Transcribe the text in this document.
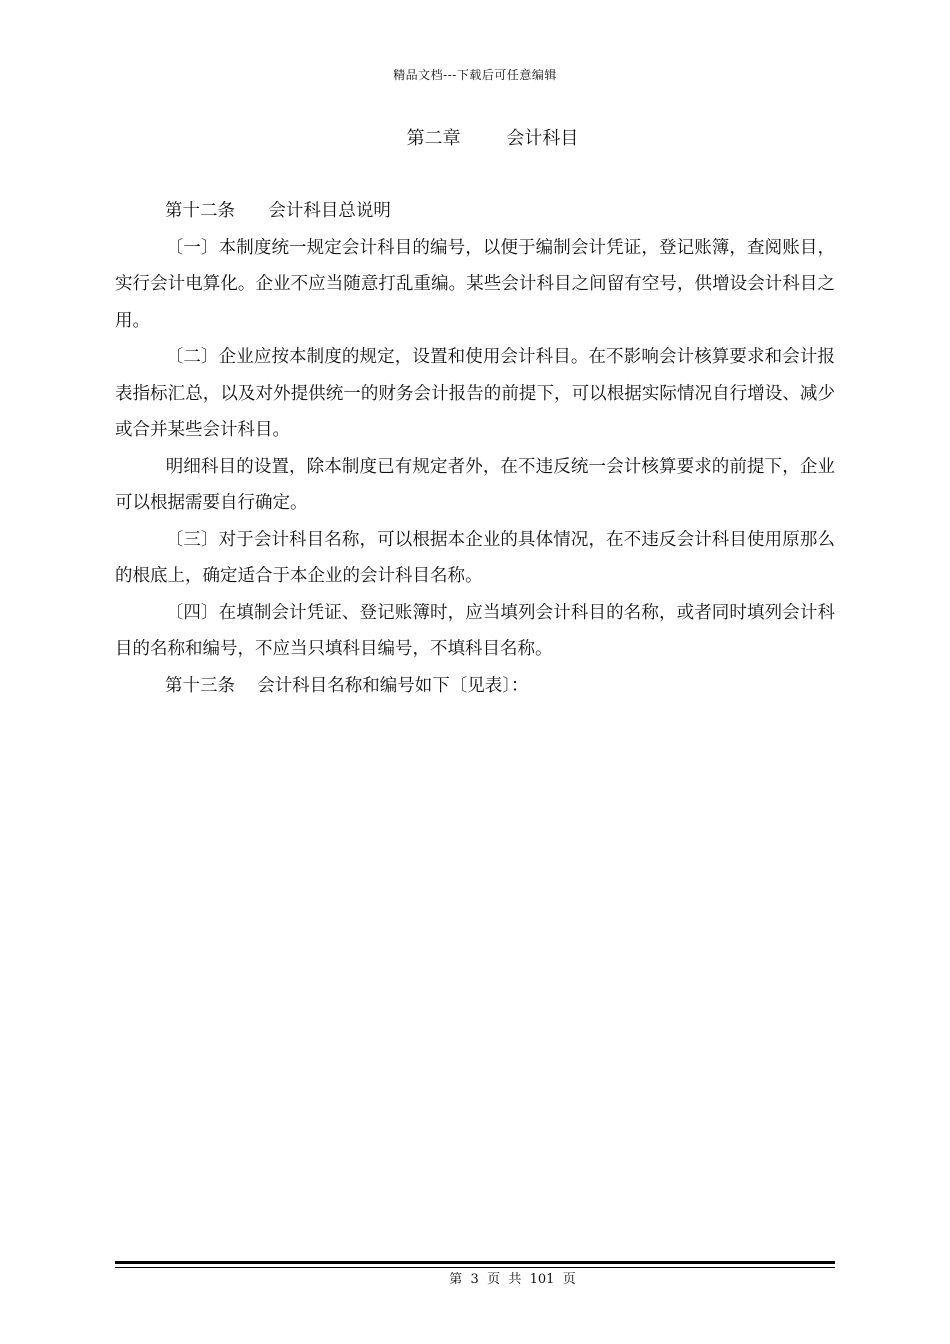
精品文档---下载后可任意编辑
第二章        会计科目

第十二条      会计科目总说明

〔一〕本制度统一规定会计科目的编号，以便于编制会计凭证，登记账簿，查阅账目，实行会计电算化。企业不应当随意打乱重编。某些会计科目之间留有空号，供增设会计科目之用。

〔二〕企业应按本制度的规定，设置和使用会计科目。在不影响会计核算要求和会计报表指标汇总，以及对外提供统一的财务会计报告的前提下，可以根据实际情况自行增设、减少或合并某些会计科目。

明细科目的设置，除本制度已有规定者外，在不违反统一会计核算要求的前提下，企业可以根据需要自行确定。

〔三〕对于会计科目名称，可以根据本企业的具体情况，在不违反会计科目使用原那么的根底上，确定适合于本企业的会计科目名称。

〔四〕在填制会计凭证、登记账簿时，应当填列会计科目的名称，或者同时填列会计科目的名称和编号，不应当只填科目编号，不填科目名称。

第十三条    会计科目名称和编号如下〔见表〕：

第  3  页  共  101  页
